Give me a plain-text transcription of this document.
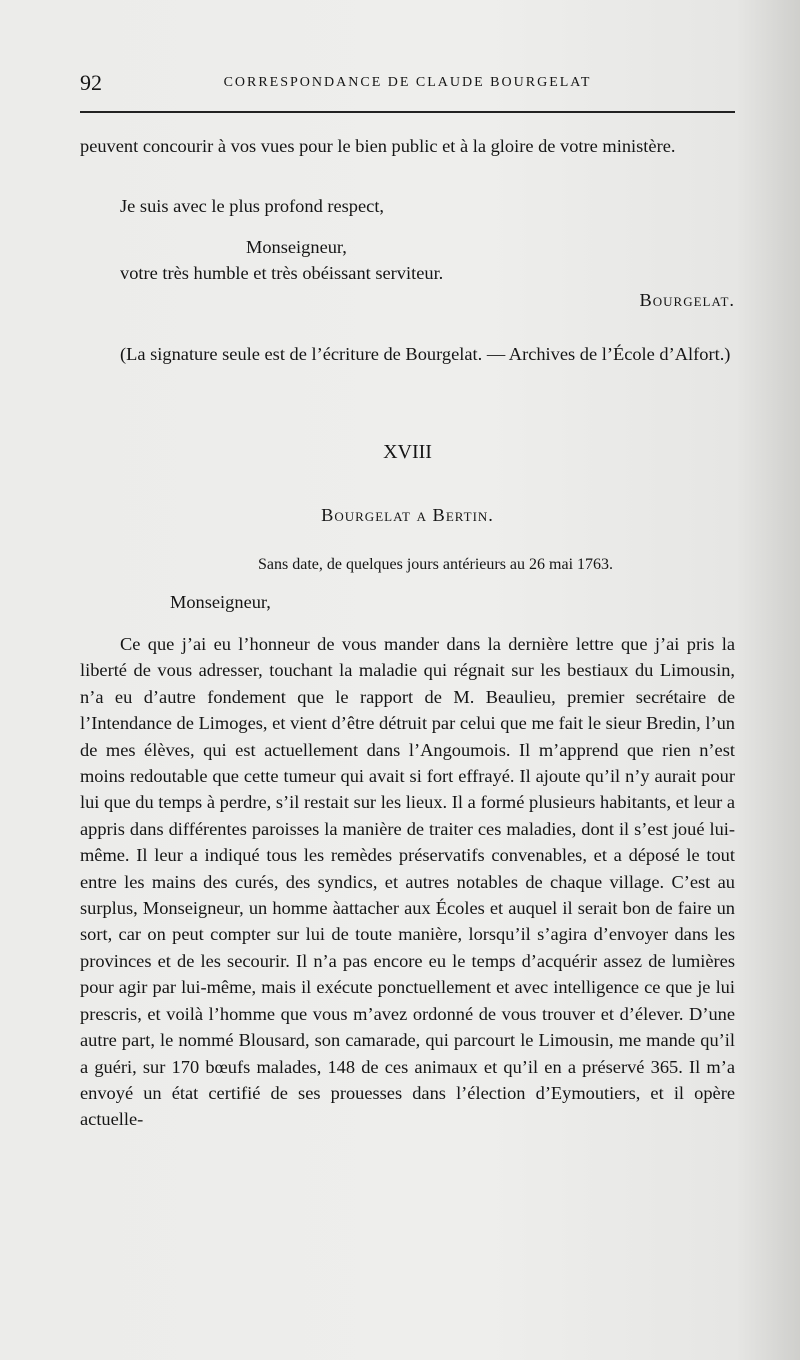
92	CORRESPONDANCE DE CLAUDE BOURGELAT
peuvent concourir à vos vues pour le bien public et à la gloire de votre ministère.
Je suis avec le plus profond respect,
Monseigneur,
votre très humble et très obéissant serviteur.
Bourgelat.
(La signature seule est de l’écriture de Bourgelat. — Archives de l’École d’Alfort.)
XVIII
Bourgelat a Bertin.
Sans date, de quelques jours antérieurs au 26 mai 1763.
Monseigneur,
Ce que j’ai eu l’honneur de vous mander dans la dernière lettre que j’ai pris la liberté de vous adresser, touchant la maladie qui régnait sur les bestiaux du Limousin, n’a eu d’autre fondement que le rapport de M. Beaulieu, premier secrétaire de l’Intendance de Limoges, et vient d’être détruit par celui que me fait le sieur Bredin, l’un de mes élèves, qui est actuellement dans l’Angoumois. Il m’apprend que rien n’est moins redoutable que cette tumeur qui avait si fort effrayé. Il ajoute qu’il n’y aurait pour lui que du temps à perdre, s’il restait sur les lieux. Il a formé plusieurs habitants, et leur a appris dans différentes paroisses la manière de traiter ces maladies, dont il s’est joué lui-même. Il leur a indiqué tous les remèdes préservatifs convenables, et a déposé le tout entre les mains des curés, des syndics, et autres notables de chaque village. C’est au surplus, Monseigneur, un homme àattacher aux Écoles et auquel il serait bon de faire un sort, car on peut compter sur lui de toute manière, lorsqu’il s’agira d’envoyer dans les provinces et de les secourir. Il n’a pas encore eu le temps d’acquérir assez de lumières pour agir par lui-même, mais il exécute ponctuellement et avec intelligence ce que je lui prescris, et voilà l’homme que vous m’avez ordonné de vous trouver et d’élever. D’une autre part, le nommé Blousard, son camarade, qui parcourt le Limousin, me mande qu’il a guéri, sur 170 bœufs malades, 148 de ces animaux et qu’il en a préservé 365. Il m’a envoyé un état certifié de ses prouesses dans l’élection d’Eymoutiers, et il opère actuelle-
